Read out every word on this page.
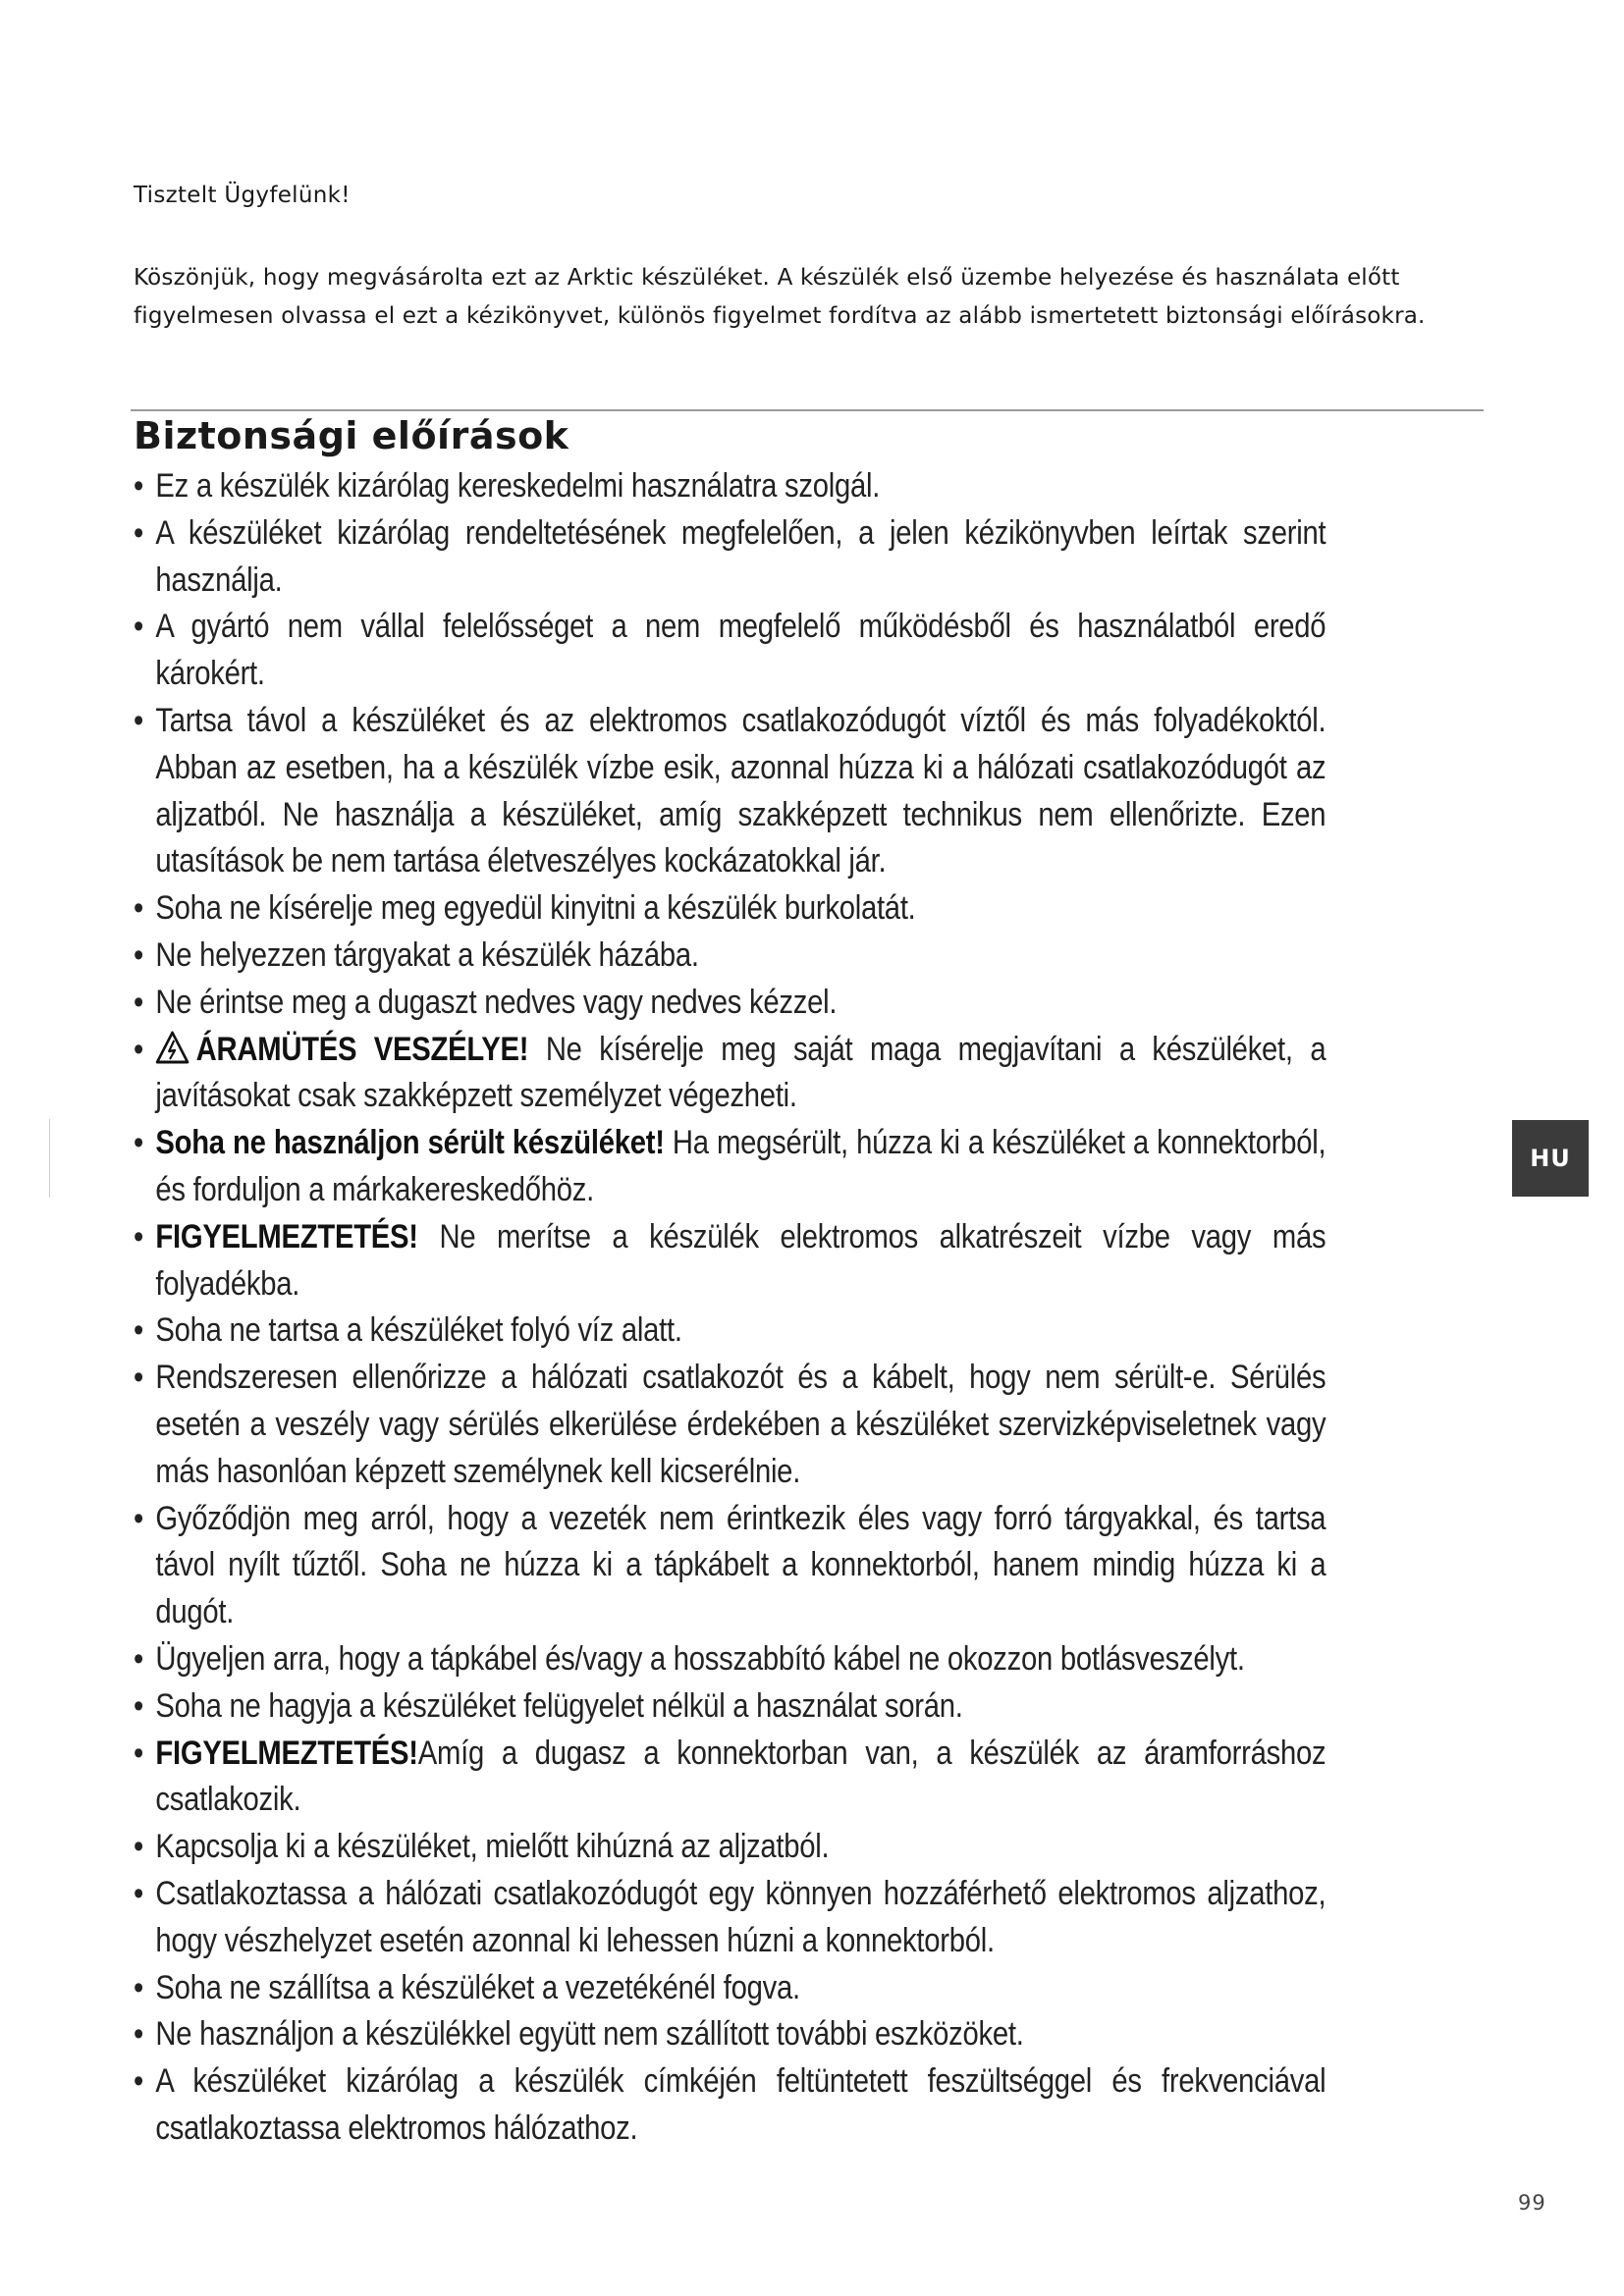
Tisztelt Ügyfelünk!

Köszönjük, hogy megvásárolta ezt az Arktic készüléket. A készülék első üzembe helyezése és használata előtt figyelmesen olvassa el ezt a kézikönyvet, különös figyelmet fordítva az alább ismertetett biztonsági előírásokra.

Biztonsági előírások
• Ez a készülék kizárólag kereskedelmi használatra szolgál.
• A készüléket kizárólag rendeltetésének megfelelően, a jelen kézikönyvben leírtak szerint használja.
• A gyártó nem vállal felelősséget a nem megfelelő működésből és használatból eredő károkért.
• Tartsa távol a készüléket és az elektromos csatlakozódugót víztől és más folyadékoktól. Abban az esetben, ha a készülék vízbe esik, azonnal húzza ki a hálózati csatlakozódugót az aljzatból. Ne használja a készüléket, amíg szakképzett technikus nem ellenőrizte. Ezen utasítások be nem tartása életveszélyes kockázatokkal jár.
• Soha ne kísérelje meg egyedül kinyitni a készülék burkolatát.
• Ne helyezzen tárgyakat a készülék házába.
• Ne érintse meg a dugaszt nedves vagy nedves kézzel.
• ÁRAMÜTÉS VESZÉLYE! Ne kísérelje meg saját maga megjavítani a készüléket, a javításokat csak szakképzett személyzet végezheti.
• Soha ne használjon sérült készüléket! Ha megsérült, húzza ki a készüléket a konnektorból, és forduljon a márkakereskedőhöz.
• FIGYELMEZTETÉS! Ne merítse a készülék elektromos alkatrészeit vízbe vagy más folyadékba.
• Soha ne tartsa a készüléket folyó víz alatt.
• Rendszeresen ellenőrizze a hálózati csatlakozót és a kábelt, hogy nem sérült-e. Sérülés esetén a veszély vagy sérülés elkerülése érdekében a készüléket szervizképviseletnek vagy más hasonlóan képzett személynek kell kicserélnie.
• Győződjön meg arról, hogy a vezeték nem érintkezik éles vagy forró tárgyakkal, és tartsa távol nyílt tűztől. Soha ne húzza ki a tápkábelt a konnektorból, hanem mindig húzza ki a dugót.
• Ügyeljen arra, hogy a tápkábel és/vagy a hosszabbító kábel ne okozzon botlásveszélyt.
• Soha ne hagyja a készüléket felügyelet nélkül a használat során.
• FIGYELMEZTETÉS!Amíg a dugasz a konnektorban van, a készülék az áramforráshoz csatlakozik.
• Kapcsolja ki a készüléket, mielőtt kihúzná az aljzatból.
• Csatlakoztassa a hálózati csatlakozódugót egy könnyen hozzáférhető elektromos aljzathoz, hogy vészhelyzet esetén azonnal ki lehessen húzni a konnektorból.
• Soha ne szállítsa a készüléket a vezetékénél fogva.
• Ne használjon a készülékkel együtt nem szállított további eszközöket.
• A készüléket kizárólag a készülék címkéjén feltüntetett feszültséggel és frekvenciával csatlakoztassa elektromos hálózathoz.
HU
99
